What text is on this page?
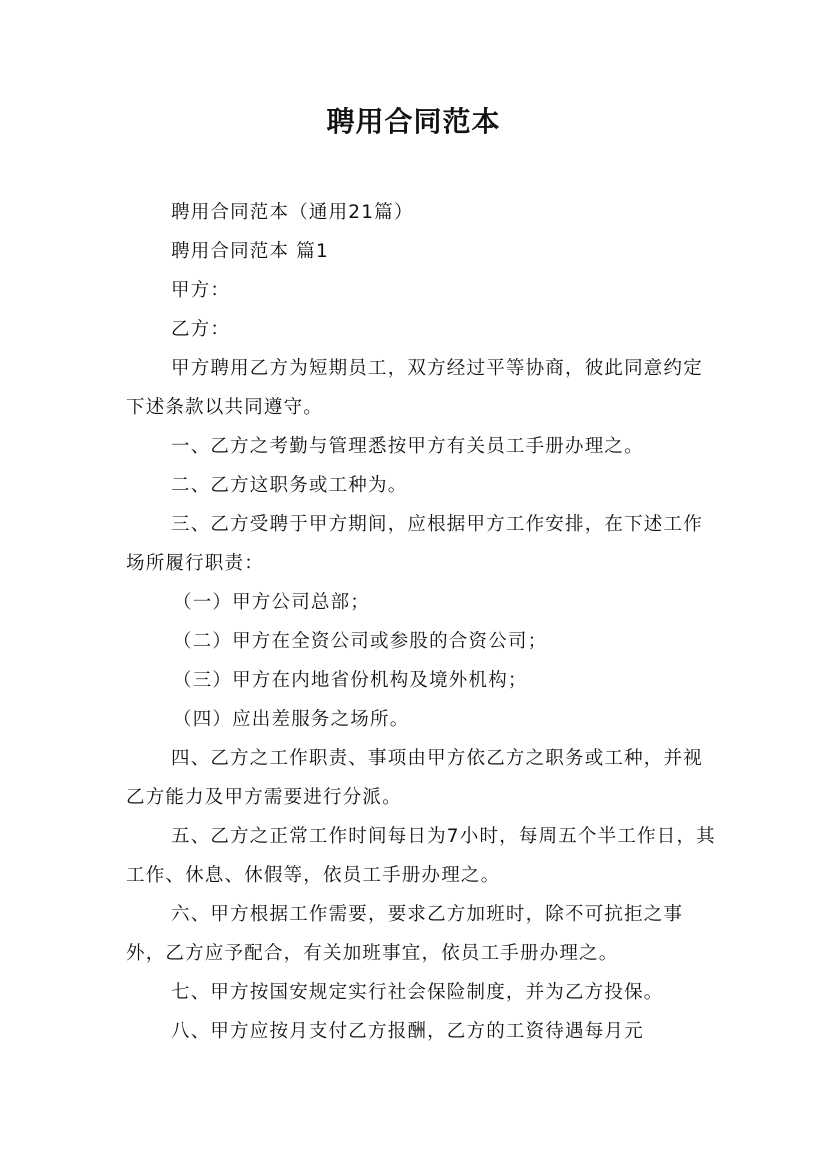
聘用合同范本

聘用合同范本（通用21篇）

聘用合同范本 篇1

甲方：

乙方：

甲方聘用乙方为短期员工，双方经过平等协商，彼此同意约定下述条款以共同遵守。

一、乙方之考勤与管理悉按甲方有关员工手册办理之。

二、乙方这职务或工种为。

三、乙方受聘于甲方期间，应根据甲方工作安排，在下述工作场所履行职责：

（一）甲方公司总部；

（二）甲方在全资公司或参股的合资公司；

（三）甲方在内地省份机构及境外机构；

（四）应出差服务之场所。

四、乙方之工作职责、事项由甲方依乙方之职务或工种，并视乙方能力及甲方需要进行分派。

五、乙方之正常工作时间每日为7小时，每周五个半工作日，其工作、休息、休假等，依员工手册办理之。

六、甲方根据工作需要，要求乙方加班时，除不可抗拒之事外，乙方应予配合，有关加班事宜，依员工手册办理之。

七、甲方按国安规定实行社会保险制度，并为乙方投保。

八、甲方应按月支付乙方报酬，乙方的工资待遇每月元
